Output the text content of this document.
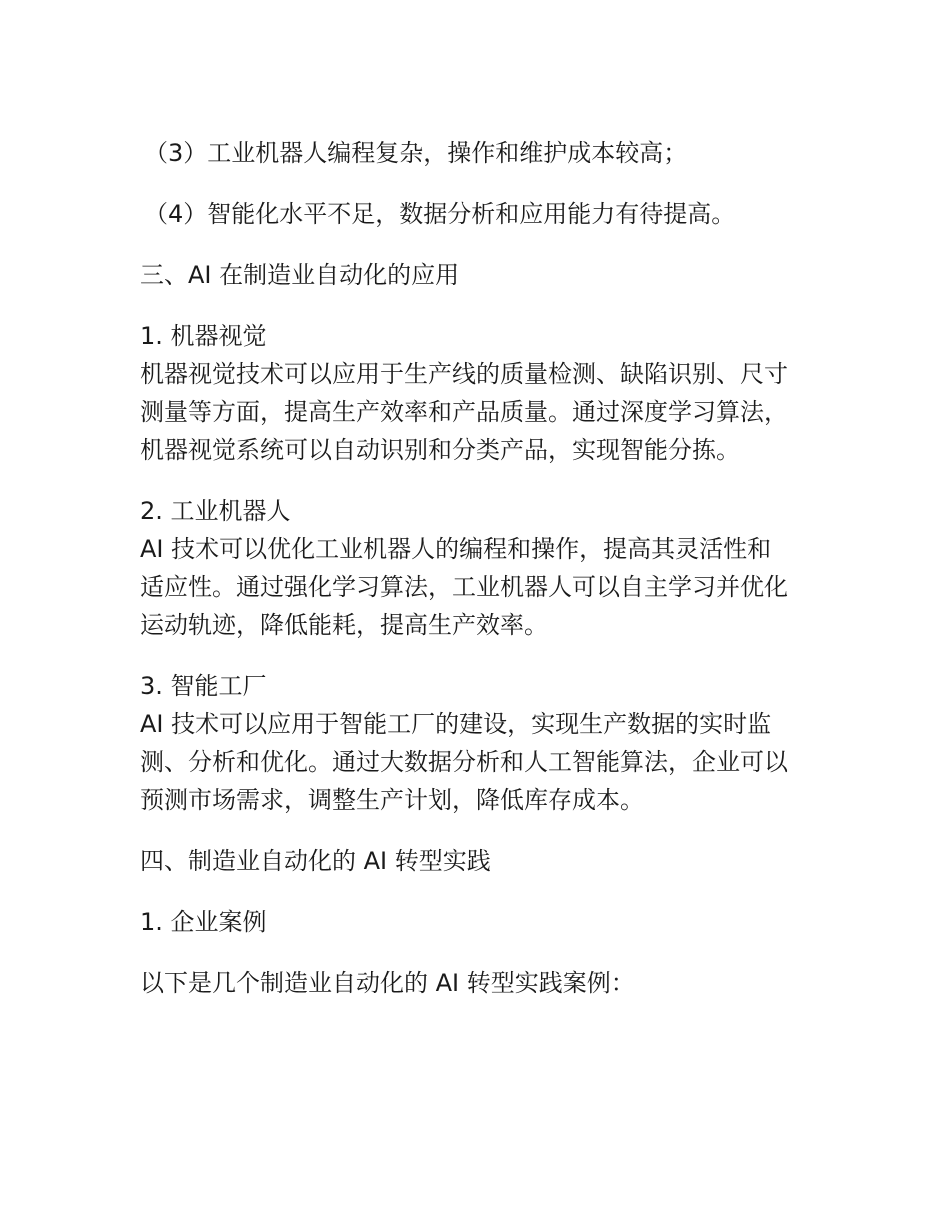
（3）工业机器人编程复杂，操作和维护成本较高；

（4）智能化水平不足，数据分析和应用能力有待提高。

三、AI 在制造业自动化的应用

1. 机器视觉

机器视觉技术可以应用于生产线的质量检测、缺陷识别、尺寸

测量等方面，提高生产效率和产品质量。通过深度学习算法，

机器视觉系统可以自动识别和分类产品，实现智能分拣。

2. 工业机器人

AI 技术可以优化工业机器人的编程和操作，提高其灵活性和

适应性。通过强化学习算法，工业机器人可以自主学习并优化

运动轨迹，降低能耗，提高生产效率。

3. 智能工厂

AI 技术可以应用于智能工厂的建设，实现生产数据的实时监

测、分析和优化。通过大数据分析和人工智能算法，企业可以

预测市场需求，调整生产计划，降低库存成本。

四、制造业自动化的 AI 转型实践

1. 企业案例

以下是几个制造业自动化的 AI 转型实践案例：
